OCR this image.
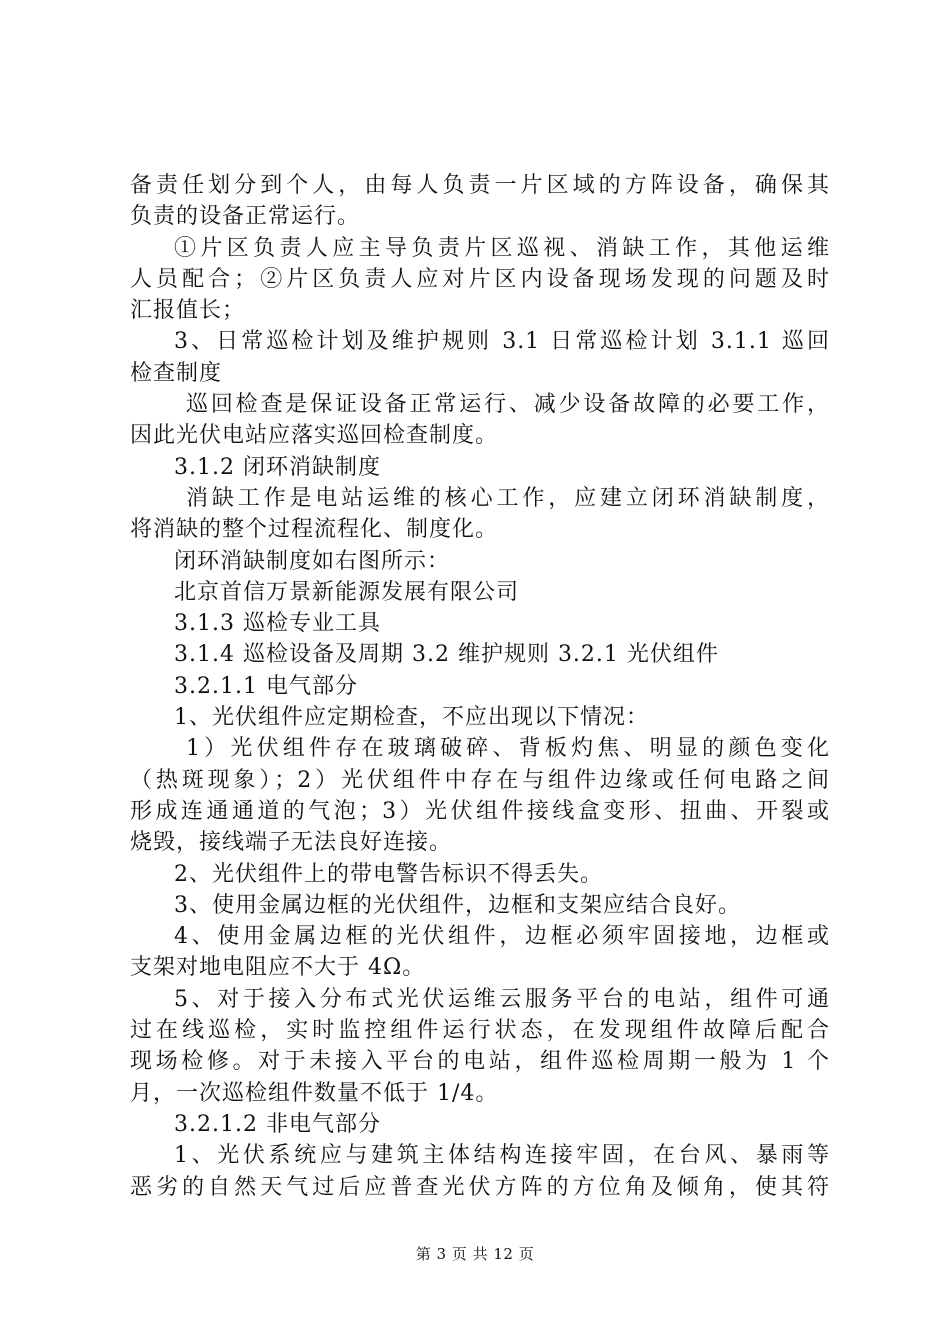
备责任划分到个人，由每人负责一片区域的方阵设备，确保其
负责的设备正常运行。
①片区负责人应主导负责片区巡视、消缺工作，其他运维
人员配合；②片区负责人应对片区内设备现场发现的问题及时
汇报值长；
3、日常巡检计划及维护规则 3.1 日常巡检计划 3.1.1 巡回
检查制度
巡回检查是保证设备正常运行、减少设备故障的必要工作，
因此光伏电站应落实巡回检查制度。
3.1.2 闭环消缺制度
消缺工作是电站运维的核心工作，应建立闭环消缺制度，
将消缺的整个过程流程化、制度化。
闭环消缺制度如右图所示：
北京首信万景新能源发展有限公司
3.1.3 巡检专业工具
3.1.4 巡检设备及周期 3.2 维护规则 3.2.1 光伏组件
3.2.1.1 电气部分
1、光伏组件应定期检查，不应出现以下情况：
1）光伏组件存在玻璃破碎、背板灼焦、明显的颜色变化
（热斑现象）；2）光伏组件中存在与组件边缘或任何电路之间
形成连通通道的气泡；3）光伏组件接线盒变形、扭曲、开裂或
烧毁，接线端子无法良好连接。
2、光伏组件上的带电警告标识不得丢失。
3、使用金属边框的光伏组件，边框和支架应结合良好。
4、使用金属边框的光伏组件，边框必须牢固接地，边框或
支架对地电阻应不大于 4Ω。
5、对于接入分布式光伏运维云服务平台的电站，组件可通
过在线巡检，实时监控组件运行状态，在发现组件故障后配合
现场检修。对于未接入平台的电站，组件巡检周期一般为 1 个
月，一次巡检组件数量不低于 1/4。
3.2.1.2 非电气部分
1、光伏系统应与建筑主体结构连接牢固，在台风、暴雨等
恶劣的自然天气过后应普查光伏方阵的方位角及倾角，使其符
第 3 页 共 12 页
